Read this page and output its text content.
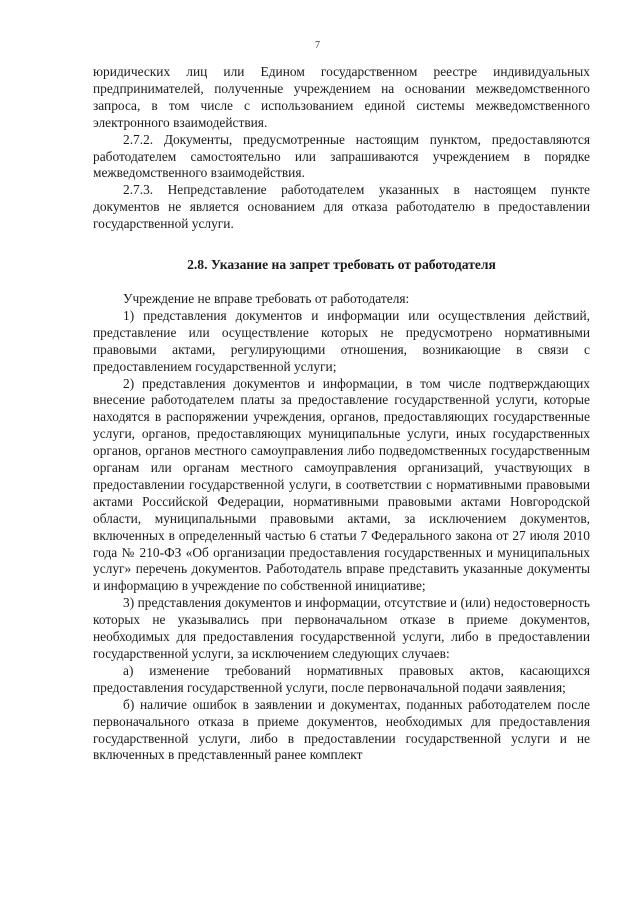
7

юридических лиц или Едином государственном реестре индивидуальных предпринимателей, полученные учреждением на основании межведомственного запроса, в том числе с использованием единой системы межведомственного электронного взаимодействия.

2.7.2. Документы, предусмотренные настоящим пунктом, предоставляются работодателем самостоятельно или запрашиваются учреждением в порядке межведомственного взаимодействия.

2.7.3. Непредставление работодателем указанных в настоящем пункте документов не является основанием для отказа работодателю в предоставлении государственной услуги.

2.8. Указание на запрет требовать от работодателя

Учреждение не вправе требовать от работодателя:

1) представления документов и информации или осуществления действий, представление или осуществление которых не предусмотрено нормативными правовыми актами, регулирующими отношения, возникающие в связи с предоставлением государственной услуги;

2) представления документов и информации, в том числе подтверждающих внесение работодателем платы за предоставление государственной услуги, которые находятся в распоряжении учреждения, органов, предоставляющих государственные услуги, органов, предоставляющих муниципальные услуги, иных государственных органов, органов местного самоуправления либо подведомственных государственным органам или органам местного самоуправления организаций, участвующих в предоставлении государственной услуги, в соответствии с нормативными правовыми актами Российской Федерации, нормативными правовыми актами Новгородской области, муниципальными правовыми актами, за исключением документов, включенных в определенный частью 6 статьи 7 Федерального закона от 27 июля 2010 года № 210-ФЗ «Об организации предоставления государственных и муниципальных услуг» перечень документов. Работодатель вправе представить указанные документы и информацию в учреждение по собственной инициативе;

3) представления документов и информации, отсутствие и (или) недостоверность которых не указывались при первоначальном отказе в приеме документов, необходимых для предоставления государственной услуги, либо в предоставлении государственной услуги, за исключением следующих случаев:

а) изменение требований нормативных правовых актов, касающихся предоставления государственной услуги, после первоначальной подачи заявления;

б) наличие ошибок в заявлении и документах, поданных работодателем после первоначального отказа в приеме документов, необходимых для предоставления государственной услуги, либо в предоставлении государственной услуги и не включенных в представленный ранее комплект
